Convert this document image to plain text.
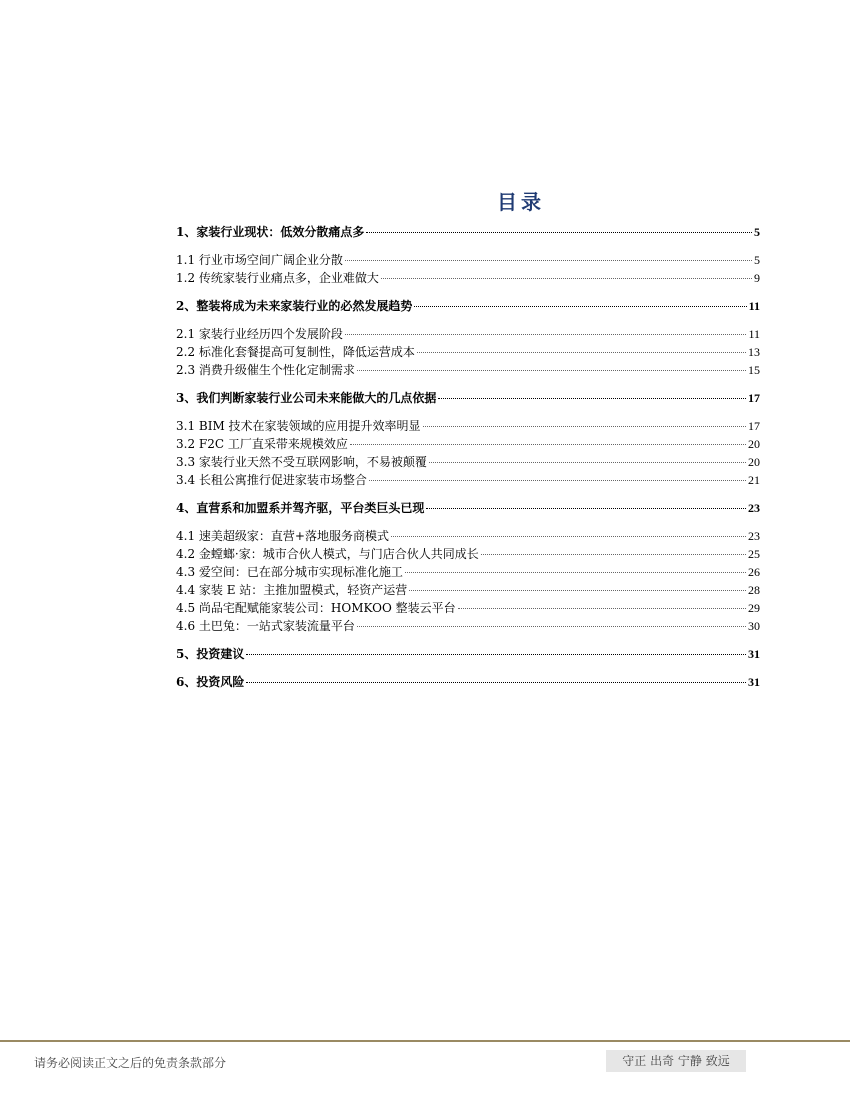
目录
1、家装行业现状：低效分散痛点多	5
1.1 行业市场空间广阔企业分散	5
1.2 传统家装行业痛点多，企业难做大	9
2、整装将成为未来家装行业的必然发展趋势	11
2.1 家装行业经历四个发展阶段	11
2.2 标准化套餐提高可复制性，降低运营成本	13
2.3 消费升级催生个性化定制需求	15
3、我们判断家装行业公司未来能做大的几点依据	17
3.1 BIM 技术在家装领域的应用提升效率明显	17
3.2 F2C 工厂直采带来规模效应	20
3.3 家装行业天然不受互联网影响，不易被颠覆	20
3.4 长租公寓推行促进家装市场整合	21
4、直营系和加盟系并驾齐驱，平台类巨头已现	23
4.1 速美超级家：直营+落地服务商模式	23
4.2 金螳螂·家：城市合伙人模式，与门店合伙人共同成长	25
4.3 爱空间：已在部分城市实现标准化施工	26
4.4 家装 E 站：主推加盟模式，轻资产运营	28
4.5 尚品宅配赋能家装公司：HOMKOO 整装云平台	29
4.6 土巴兔：一站式家装流量平台	30
5、投资建议	31
6、投资风险	31
请务必阅读正文之后的免责条款部分	守正 出奇 宁静 致远
